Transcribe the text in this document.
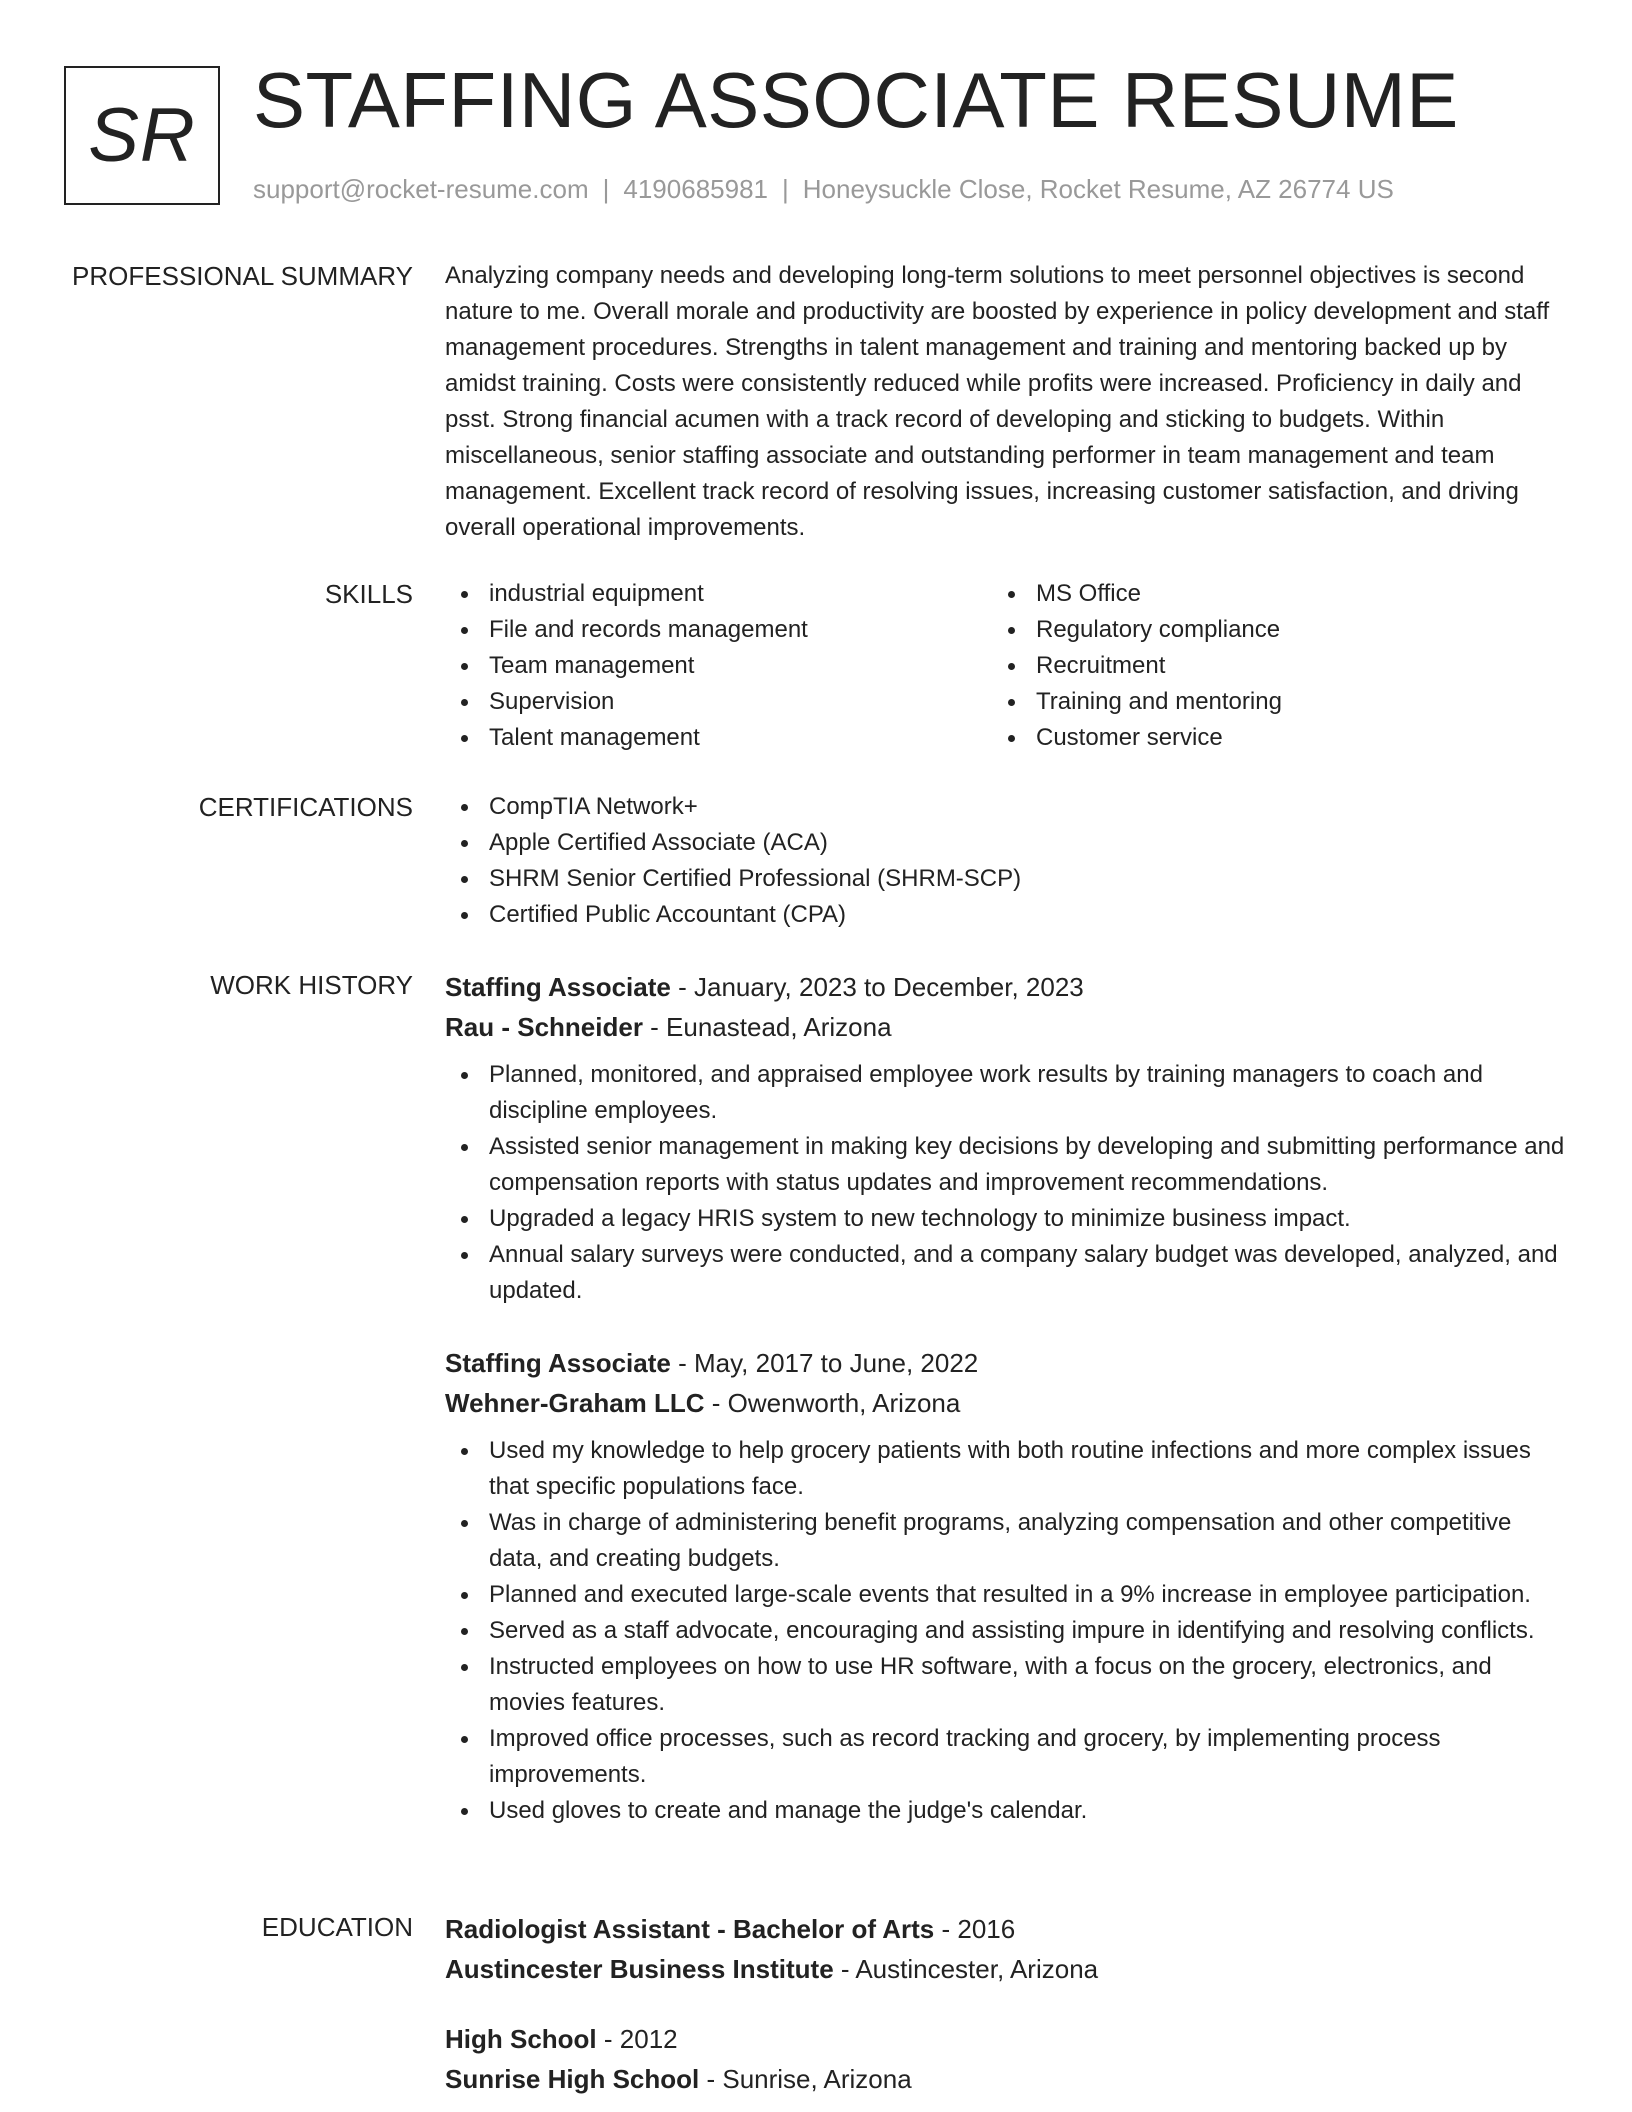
SR STAFFING ASSOCIATE RESUME
support@rocket-resume.com | 4190685981 | Honeysuckle Close, Rocket Resume, AZ 26774 US
PROFESSIONAL SUMMARY Analyzing company needs and developing long-term solutions to meet personnel objectives is second nature to me. Overall morale and productivity are boosted by experience in policy development and staff management procedures. Strengths in talent management and training and mentoring backed up by amidst training. Costs were consistently reduced while profits were increased. Proficiency in daily and psst. Strong financial acumen with a track record of developing and sticking to budgets. Within miscellaneous, senior staffing associate and outstanding performer in team management and team management. Excellent track record of resolving issues, increasing customer satisfaction, and driving overall operational improvements.

SKILLS	industrial equipment
File and records management
Team management
Supervision
Talent management
MS Office
Regulatory compliance
Recruitment
Training and mentoring
Customer service
CERTIFICATIONS	CompTIA Network+
Apple Certified Associate (ACA)
SHRM Senior Certified Professional (SHRM-SCP)
Certified Public Accountant (CPA)
WORK HISTORY Staffing Associate - January, 2023 to December, 2023
Rau - Schneider - Eunastead, Arizona
Planned, monitored, and appraised employee work results by training managers to coach and discipline employees.
Assisted senior management in making key decisions by developing and submitting performance and compensation reports with status updates and improvement recommendations.
Upgraded a legacy HRIS system to new technology to minimize business impact.
Annual salary surveys were conducted, and a company salary budget was developed, analyzed, and updated.
Staffing Associate - May, 2017 to June, 2022
Wehner-Graham LLC - Owenworth, Arizona
Used my knowledge to help grocery patients with both routine infections and more complex issues that specific populations face.
Was in charge of administering benefit programs, analyzing compensation and other competitive data, and creating budgets.
Planned and executed large-scale events that resulted in a 9% increase in employee participation.
Served as a staff advocate, encouraging and assisting impure in identifying and resolving conflicts.
Instructed employees on how to use HR software, with a focus on the grocery, electronics, and movies features.
Improved office processes, such as record tracking and grocery, by implementing process improvements.
Used gloves to create and manage the judge's calendar.
EDUCATION Radiologist Assistant - Bachelor of Arts - 2016
Austincester Business Institute - Austincester, Arizona
High School - 2012
Sunrise High School - Sunrise, Arizona
